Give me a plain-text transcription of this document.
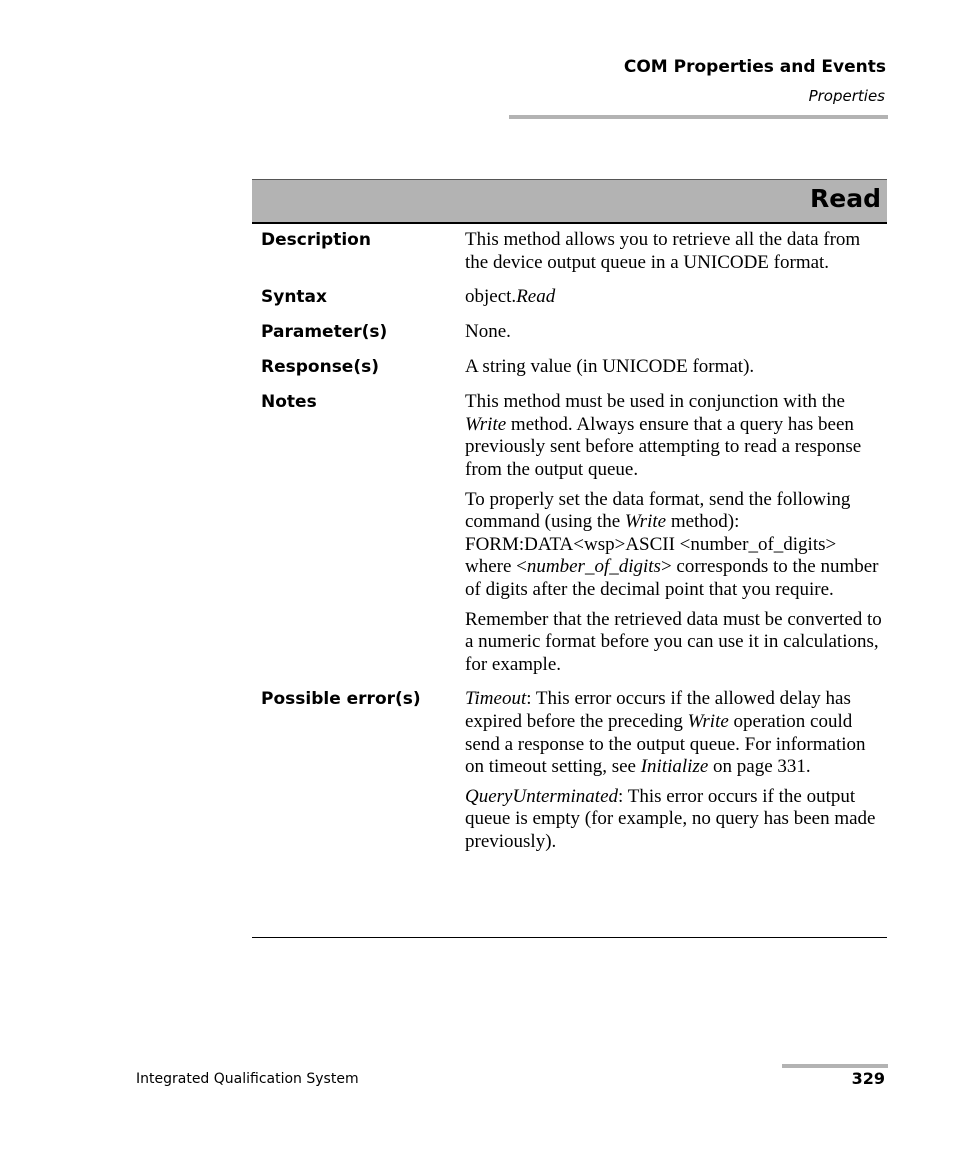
COM Properties and Events
Properties
Read
Description	This method allows you to retrieve all the data from the device output queue in a UNICODE format.

Syntax	object.Read

Parameter(s)	None.

Response(s)	A string value (in UNICODE format).

Notes	This method must be used in conjunction with the Write method. Always ensure that a query has been previously sent before attempting to read a response from the output queue.

To properly set the data format, send the following command (using the Write method): FORM:DATA<wsp>ASCII <number_of_digits> where <number_of_digits> corresponds to the number of digits after the decimal point that you require.

Remember that the retrieved data must be converted to a numeric format before you can use it in calculations, for example.

Possible error(s)	Timeout: This error occurs if the allowed delay has expired before the preceding Write operation could send a response to the output queue. For information on timeout setting, see Initialize on page 331.

QueryUnterminated: This error occurs if the output queue is empty (for example, no query has been made previously).

Integrated Qualification System	329
